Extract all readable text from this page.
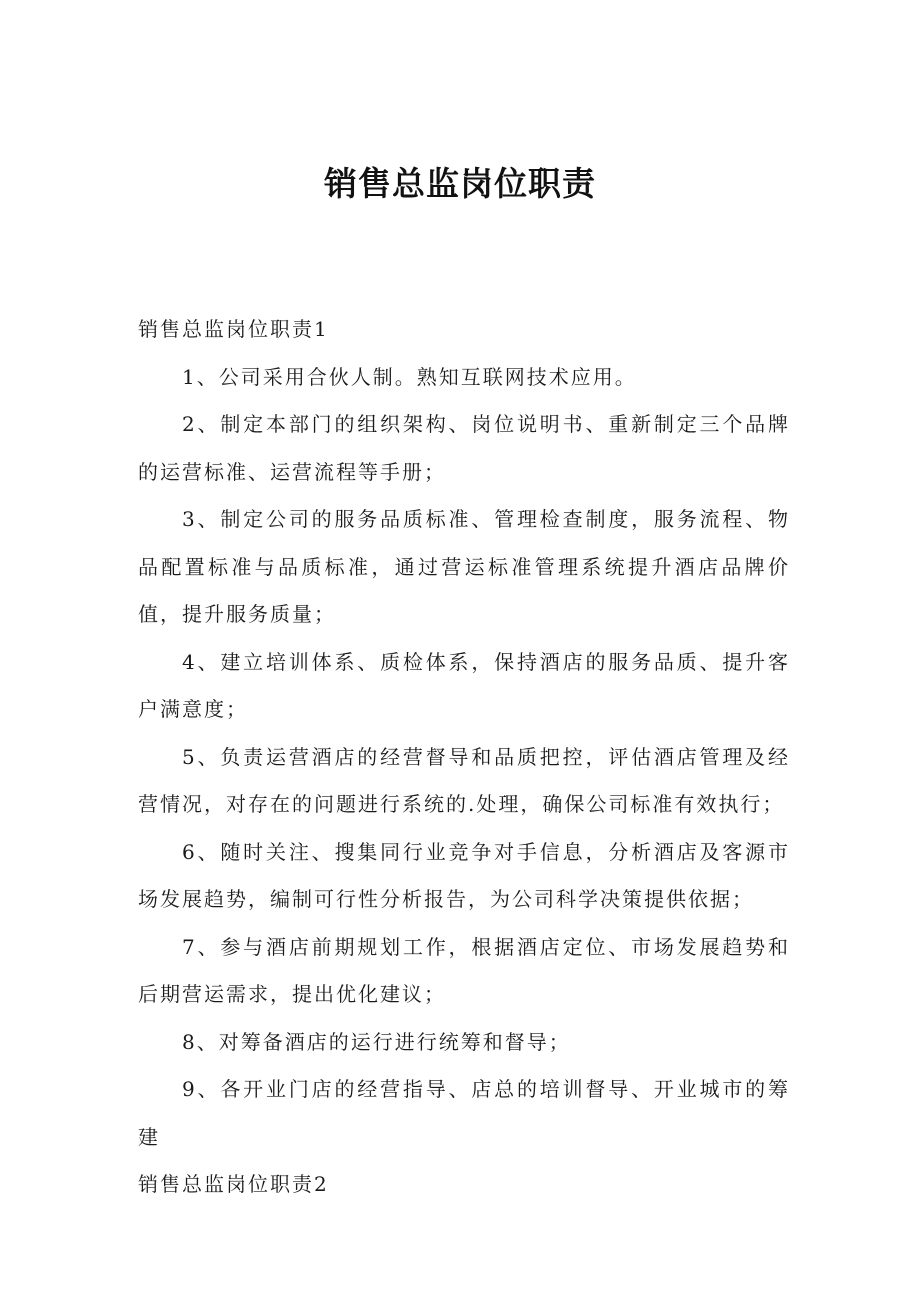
销售总监岗位职责

销售总监岗位职责1

1、公司采用合伙人制。熟知互联网技术应用。

2、制定本部门的组织架构、岗位说明书、重新制定三个品牌的运营标准、运营流程等手册；

3、制定公司的服务品质标准、管理检查制度，服务流程、物品配置标准与品质标准，通过营运标准管理系统提升酒店品牌价值，提升服务质量；

4、建立培训体系、质检体系，保持酒店的服务品质、提升客户满意度；

5、负责运营酒店的经营督导和品质把控，评估酒店管理及经营情况，对存在的问题进行系统的.处理，确保公司标准有效执行；

6、随时关注、搜集同行业竞争对手信息，分析酒店及客源市场发展趋势，编制可行性分析报告，为公司科学决策提供依据；

7、参与酒店前期规划工作，根据酒店定位、市场发展趋势和后期营运需求，提出优化建议；

8、对筹备酒店的运行进行统筹和督导；

9、各开业门店的经营指导、店总的培训督导、开业城市的筹建

销售总监岗位职责2
